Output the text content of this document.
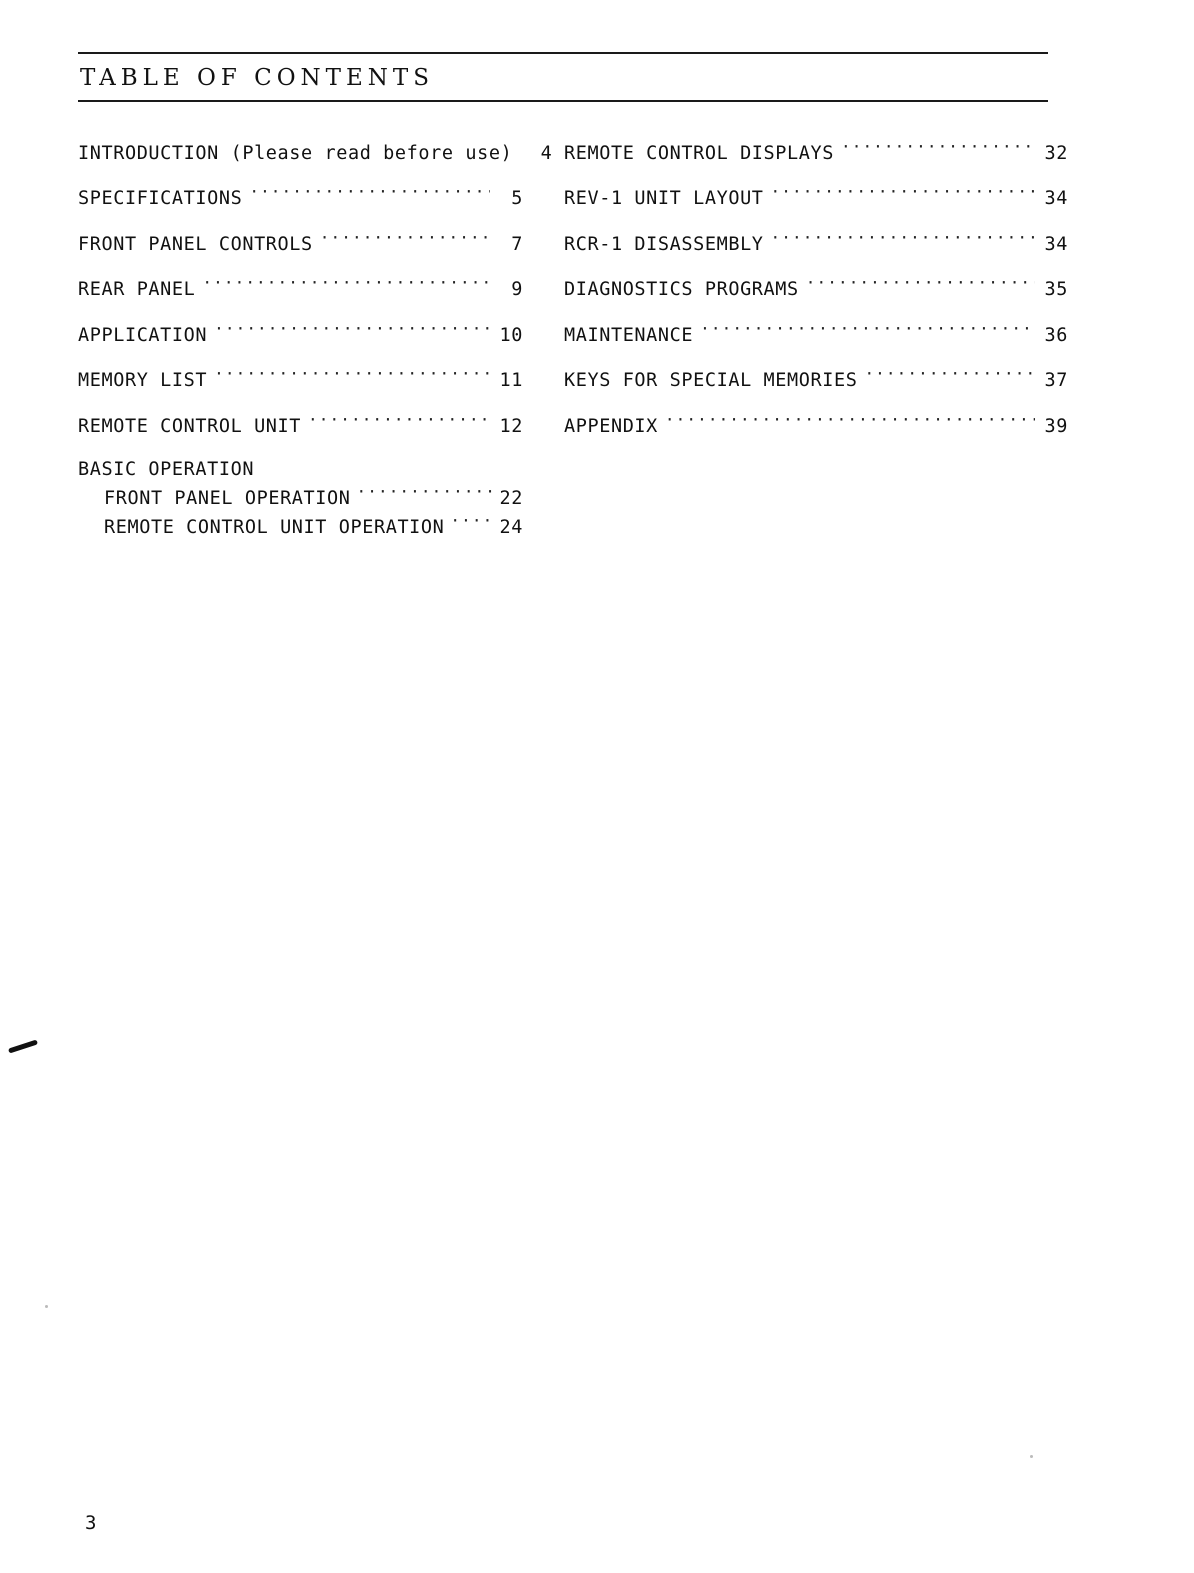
TABLE OF CONTENTS
INTRODUCTION (Please read before use)	4
SPECIFICATIONS ·····	5
FRONT PANEL CONTROLS ·····	7
REAR PANEL ·····	9
APPLICATION ·····	10
MEMORY LIST ·····	11
REMOTE CONTROL UNIT ·····	12
BASIC OPERATION
FRONT PANEL OPERATION ·····	22
REMOTE CONTROL UNIT OPERATION ·····	24
REMOTE CONTROL DISPLAYS ·····	32
REV-1 UNIT LAYOUT ·····	34
RCR-1 DISASSEMBLY ·····	34
DIAGNOSTICS PROGRAMS ·····	35
MAINTENANCE ·····	36
KEYS FOR SPECIAL MEMORIES ·····	37
APPENDIX ·····	39
3
